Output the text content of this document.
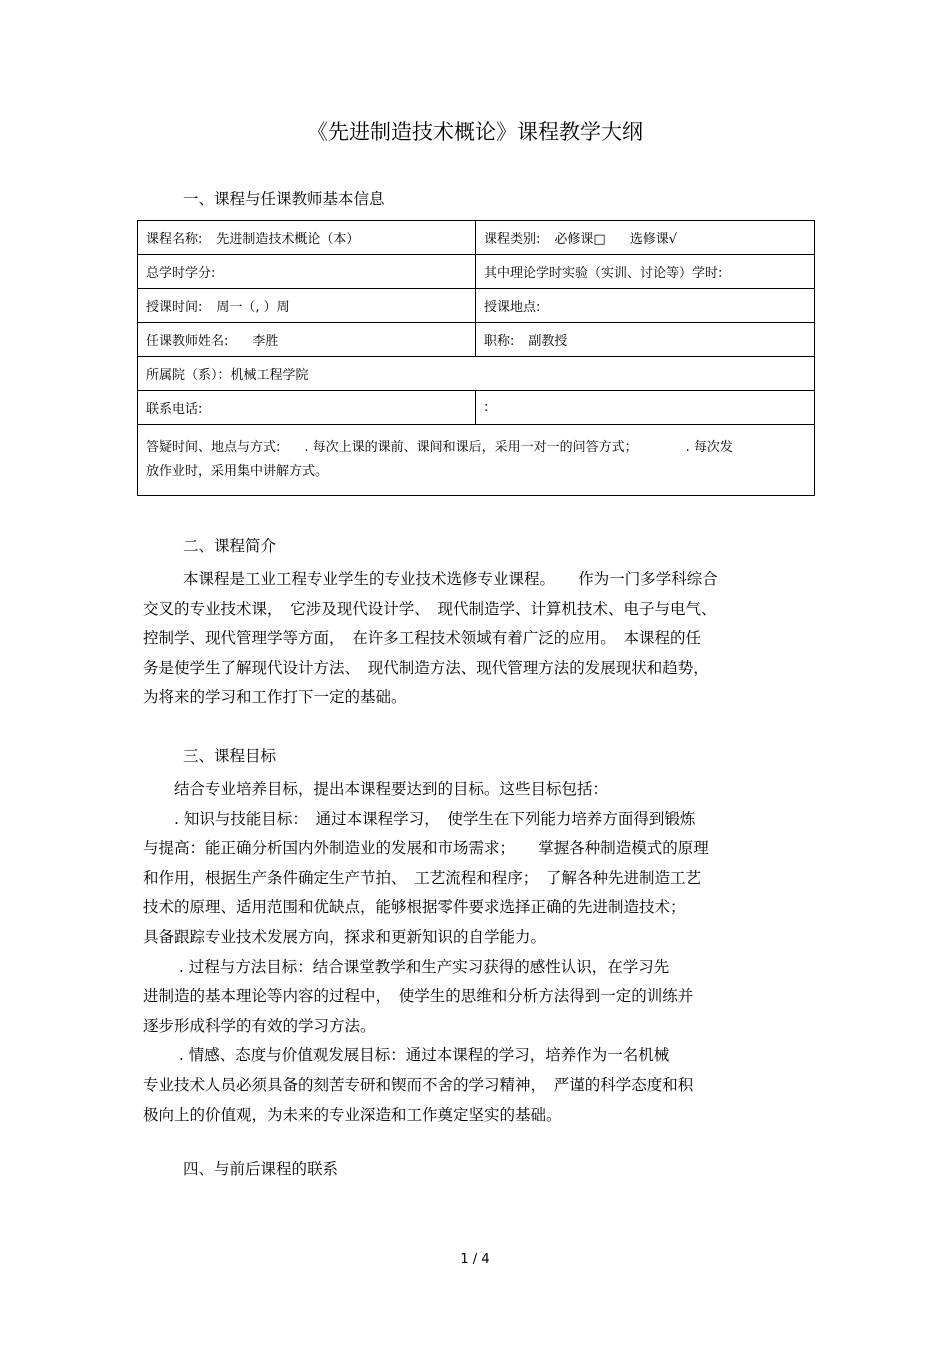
《先进制造技术概论》课程教学大纲
一、课程与任课教师基本信息
课程名称: 先进制造技术概论（本）	课程类别: 必修课□ 选修课√
总学时学分:	其中理论学时实验（实训、讨论等）学时:
授课时间: 周一（, ）周	授课地点:
任课教师姓名: 李胜	职称: 副教授
所属院（系）：机械工程学院	
联系电话:	:
答疑时间、地点与方式: . 每次上课的课前、课间和课后，采用一对一的问答方式； . 每次发
放作业时，采用集中讲解方式。	
二、课程简介
本课程是工业工程专业学生的专业技术选修专业课程。　　作为一门多学科综合
交叉的专业技术课，　它涉及现代设计学、　现代制造学、计算机技术、电子与电气、
控制学、现代管理学等方面，　在许多工程技术领域有着广泛的应用。　本课程的任
务是使学生了解现代设计方法、　现代制造方法、现代管理方法的发展现状和趋势，
为将来的学习和工作打下一定的基础。
三、课程目标
　　结合专业培养目标，提出本课程要达到的目标。这些目标包括：
　　. 知识与技能目标：　通过本课程学习，　使学生在下列能力培养方面得到锻炼
与提高：能正确分析国内外制造业的发展和市场需求；　　掌握各种制造模式的原理
和作用，根据生产条件确定生产节拍、　工艺流程和程序；　了解各种先进制造工艺
技术的原理、适用范围和优缺点，能够根据零件要求选择正确的先进制造技术；
具备跟踪专业技术发展方向，探求和更新知识的自学能力。
　　 . 过程与方法目标：结合课堂教学和生产实习获得的感性认识，在学习先
进制造的基本理论等内容的过程中，　使学生的思维和分析方法得到一定的训练并
逐步形成科学的有效的学习方法。
　　 . 情感、态度与价值观发展目标：通过本课程的学习，培养作为一名机械
专业技术人员必须具备的刻苦专研和锲而不舍的学习精神，　严谨的科学态度和积
极向上的价值观，为未来的专业深造和工作奠定坚实的基础。
四、与前后课程的联系
1 / 4
